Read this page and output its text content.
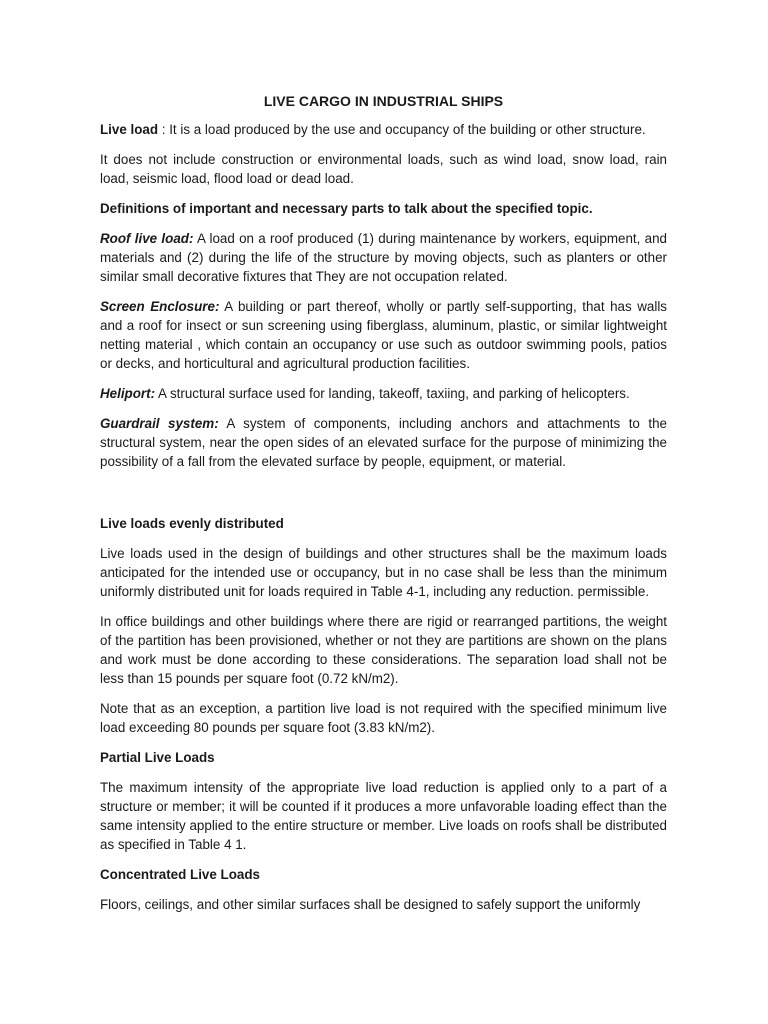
LIVE CARGO IN INDUSTRIAL SHIPS

Live load : It is a load produced by the use and occupancy of the building or other structure.

It does not include construction or environmental loads, such as wind load, snow load, rain load, seismic load, flood load or dead load.

Definitions of important and necessary parts to talk about the specified topic.

Roof live load: A load on a roof produced (1) during maintenance by workers, equipment, and materials and (2) during the life of the structure by moving objects, such as planters or other similar small decorative fixtures that They are not occupation related.

Screen Enclosure: A building or part thereof, wholly or partly self-supporting, that has walls and a roof for insect or sun screening using fiberglass, aluminum, plastic, or similar lightweight netting material , which contain an occupancy or use such as outdoor swimming pools, patios or decks, and horticultural and agricultural production facilities.

Heliport: A structural surface used for landing, takeoff, taxiing, and parking of helicopters.

Guardrail system: A system of components, including anchors and attachments to the structural system, near the open sides of an elevated surface for the purpose of minimizing the possibility of a fall from the elevated surface by people, equipment, or material.

Live loads evenly distributed

Live loads used in the design of buildings and other structures shall be the maximum loads anticipated for the intended use or occupancy, but in no case shall be less than the minimum uniformly distributed unit for loads required in Table 4-1, including any reduction. permissible.

In office buildings and other buildings where there are rigid or rearranged partitions, the weight of the partition has been provisioned, whether or not they are partitions are shown on the plans and work must be done according to these considerations. The separation load shall not be less than 15 pounds per square foot (0.72 kN/m2).

Note that as an exception, a partition live load is not required with the specified minimum live load exceeding 80 pounds per square foot (3.83 kN/m2).

Partial Live Loads

The maximum intensity of the appropriate live load reduction is applied only to a part of a structure or member; it will be counted if it produces a more unfavorable loading effect than the same intensity applied to the entire structure or member. Live loads on roofs shall be distributed as specified in Table 4 1.

Concentrated Live Loads

Floors, ceilings, and other similar surfaces shall be designed to safely support the uniformly
